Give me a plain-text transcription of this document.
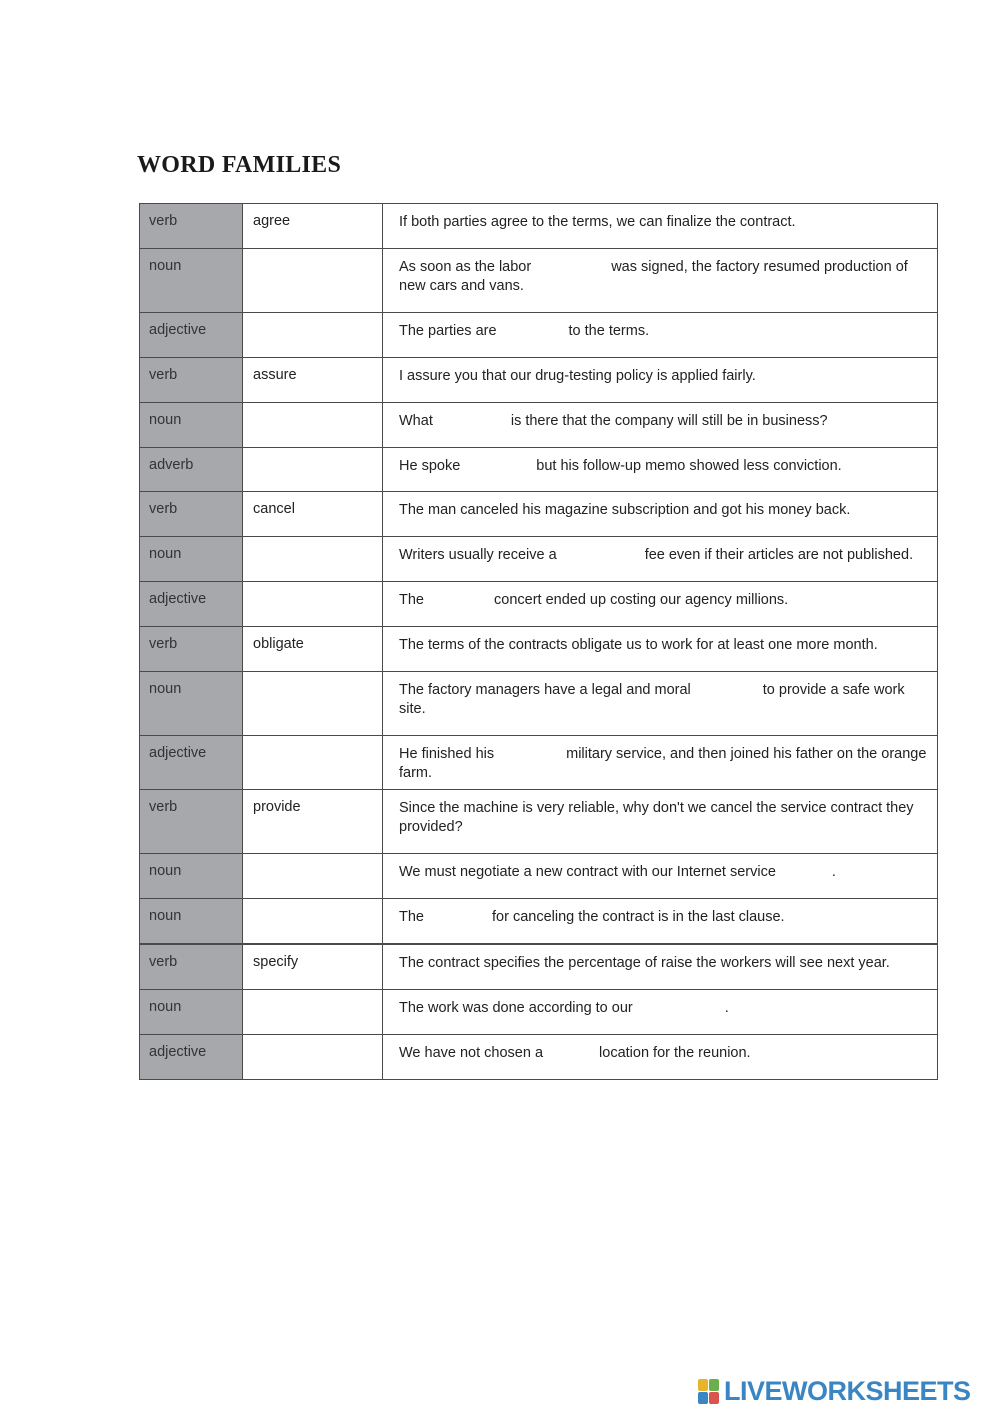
WORD FAMILIES
verb	agree	If both parties agree to the terms, we can finalize the contract.
noun		As soon as the labor was signed, the factory resumed production of new cars and vans.
adjective		The parties are to the terms.
verb	assure	I assure you that our drug-testing policy is applied fairly.
noun		What is there that the company will still be in business?
adverb		He spoke but his follow-up memo showed less conviction.
verb	cancel	The man canceled his magazine subscription and got his money back.
noun		Writers usually receive a fee even if their articles are not published.
adjective		The concert ended up costing our agency millions.
verb	obligate	The terms of the contracts obligate us to work for at least one more month.
noun		The factory managers have a legal and moral to provide a safe work site.
adjective		He finished his military service, and then joined his father on the orange farm.
verb	provide	Since the machine is very reliable, why don't we cancel the service contract they provided?
noun		We must negotiate a new contract with our Internet service .
noun		The for canceling the contract is in the last clause.
verb	specify	The contract specifies the percentage of raise the workers will see next year.
noun		The work was done according to our .
adjective		We have not chosen a location for the reunion.
LIVEWORKSHEETS
